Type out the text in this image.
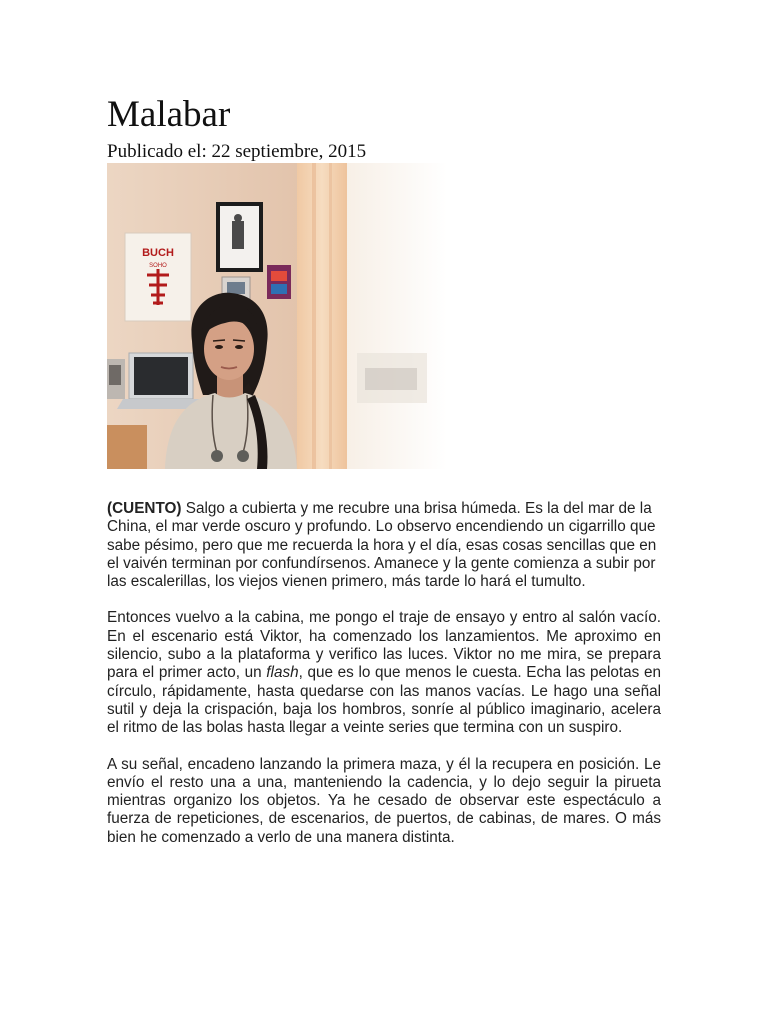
Malabar
Publicado el: 22 septiembre, 2015
BUCH
SOHO

(CUENTO) Salgo a cubierta y me recubre una brisa húmeda. Es la del mar de la China, el mar verde oscuro y profundo. Lo observo encendiendo un cigarrillo que sabe pésimo, pero que me recuerda la hora y el día, esas cosas sencillas que en el vaivén terminan por confundírsenos. Amanece y la gente comienza a subir por las escalerillas, los viejos vienen primero, más tarde lo hará el tumulto.

Entonces vuelvo a la cabina, me pongo el traje de ensayo y entro al salón vacío. En el escenario está Viktor, ha comenzado los lanzamientos. Me aproximo en silencio, subo a la plataforma y verifico las luces. Viktor no me mira, se prepara para el primer acto, un flash, que es lo que menos le cuesta. Echa las pelotas en círculo, rápidamente, hasta quedarse con las manos vacías. Le hago una señal sutil y deja la crispación, baja los hombros, sonríe al público imaginario, acelera el ritmo de las bolas hasta llegar a veinte series que termina con un suspiro.

A su señal, encadeno lanzando la primera maza, y él la recupera en posición. Le envío el resto una a una, manteniendo la cadencia, y lo dejo seguir la pirueta mientras organizo los objetos. Ya he cesado de observar este espectáculo a fuerza de repeticiones, de escenarios, de puertos, de cabinas, de mares. O más bien he comenzado a verlo de una manera distinta.
